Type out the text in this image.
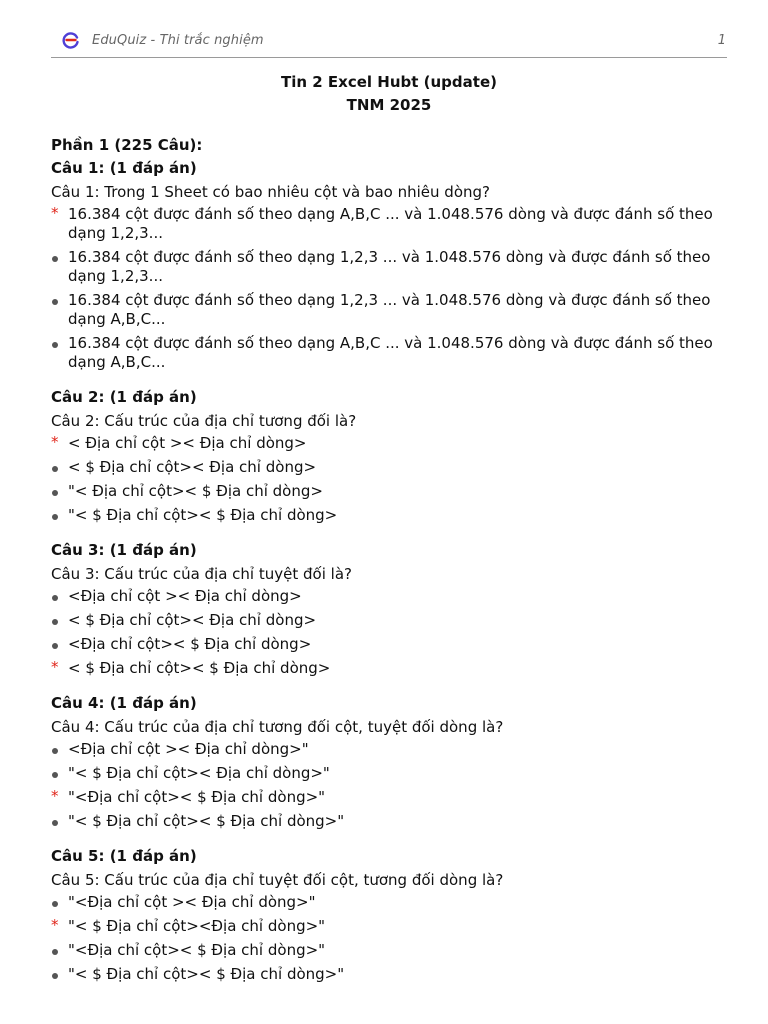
EduQuiz - Thi trắc nghiệm	1
Tin 2 Excel Hubt (update)
TNM 2025
Phần 1 (225 Câu):
Câu 1: (1 đáp án)
Câu 1: Trong 1 Sheet có bao nhiêu cột và bao nhiêu dòng?
* 16.384 cột được đánh số theo dạng A,B,C ... và 1.048.576 dòng và được đánh số theo dạng 1,2,3...
16.384 cột được đánh số theo dạng 1,2,3 ... và 1.048.576 dòng và được đánh số theo dạng 1,2,3...
16.384 cột được đánh số theo dạng 1,2,3 ... và 1.048.576 dòng và được đánh số theo dạng A,B,C...
16.384 cột được đánh số theo dạng A,B,C ... và 1.048.576 dòng và được đánh số theo dạng A,B,C...
Câu 2: (1 đáp án)
Câu 2: Cấu trúc của địa chỉ tương đối là?
* < Địa chỉ cột >< Địa chỉ dòng>
< $ Địa chỉ cột>< Địa chỉ dòng>
"< Địa chỉ cột>< $ Địa chỉ dòng>
"< $ Địa chỉ cột>< $ Địa chỉ dòng>
Câu 3: (1 đáp án)
Câu 3: Cấu trúc của địa chỉ tuyệt đối là?
<Địa chỉ cột >< Địa chỉ dòng>
< $ Địa chỉ cột>< Địa chỉ dòng>
<Địa chỉ cột>< $ Địa chỉ dòng>
* < $ Địa chỉ cột>< $ Địa chỉ dòng>
Câu 4: (1 đáp án)
Câu 4: Cấu trúc của địa chỉ tương đối cột, tuyệt đối dòng là?
<Địa chỉ cột >< Địa chỉ dòng>"
"< $ Địa chỉ cột>< Địa chỉ dòng>"
* "<Địa chỉ cột>< $ Địa chỉ dòng>"
"< $ Địa chỉ cột>< $ Địa chỉ dòng>"
Câu 5: (1 đáp án)
Câu 5: Cấu trúc của địa chỉ tuyệt đối cột, tương đối dòng là?
"<Địa chỉ cột >< Địa chỉ dòng>"
* "< $ Địa chỉ cột><Địa chỉ dòng>"
"<Địa chỉ cột>< $ Địa chỉ dòng>"
"< $ Địa chỉ cột>< $ Địa chỉ dòng>"
